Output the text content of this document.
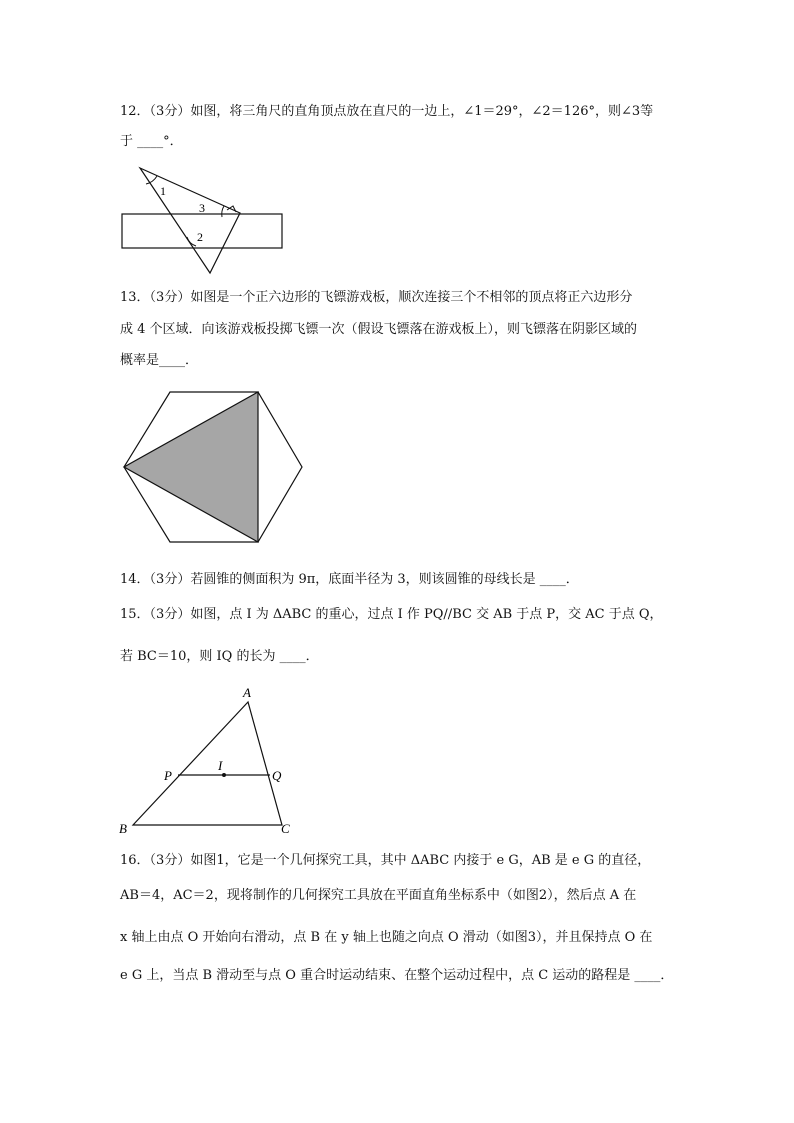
12．（3分）如图，将三角尺的直角顶点放在直尺的一边上，∠1＝29°，∠2＝126°，则∠3等
于 ____°．
1
3
2
13．（3分）如图是一个正六边形的飞镖游戏板，顺次连接三个不相邻的顶点将正六边形分
成 4 个区域．向该游戏板投掷飞镖一次（假设飞镖落在游戏板上），则飞镖落在阴影区域的
概率是____．
14．（3分）若圆锥的侧面积为 9π，底面半径为 3，则该圆锥的母线长是 ____．
15．（3分）如图，点 I 为 ΔABC 的重心，过点 I 作 PQ//BC 交 AB 于点 P，交 AC 于点 Q，
若 BC＝10，则 IQ 的长为 ____．
A
B	C
P	Q
I
16．（3分）如图1，它是一个几何探究工具，其中 ΔABC 内接于 e G，AB 是 e G 的直径，
AB＝4，AC＝2，现将制作的几何探究工具放在平面直角坐标系中（如图2），然后点 A 在
x 轴上由点 O 开始向右滑动，点 B 在 y 轴上也随之向点 O 滑动（如图3），并且保持点 O 在
e G 上，当点 B 滑动至与点 O 重合时运动结束、在整个运动过程中，点 C 运动的路程是 ____．
